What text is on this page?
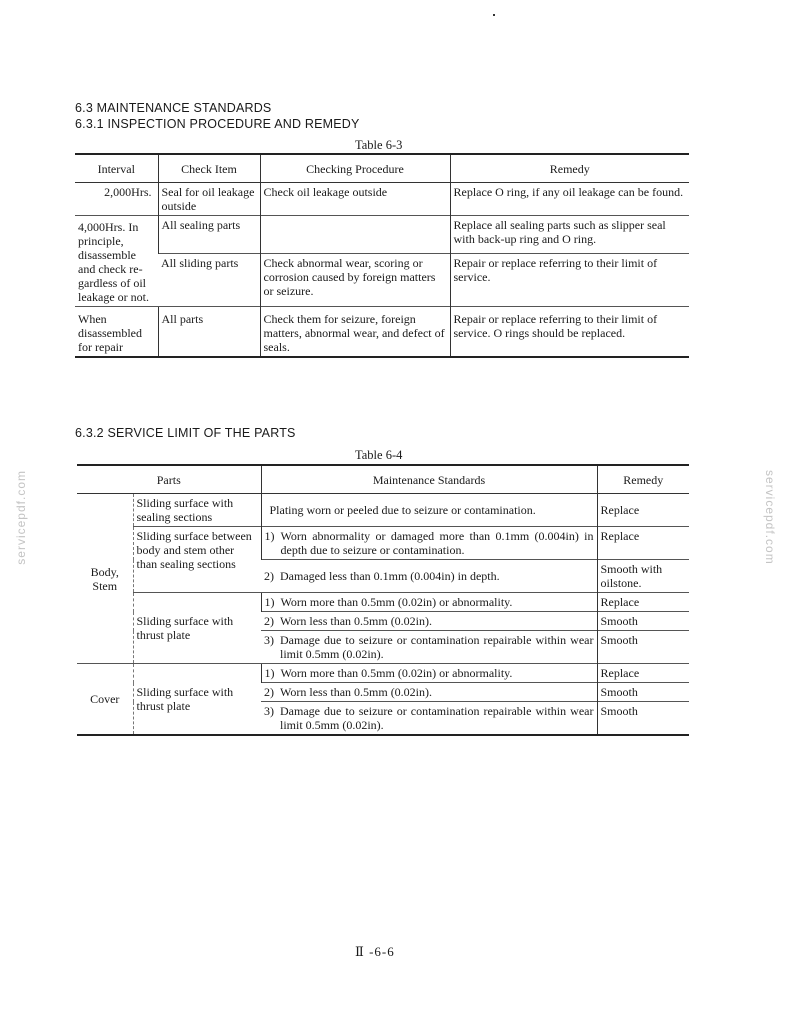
6.3 MAINTENANCE STANDARDS
6.3.1 INSPECTION PROCEDURE AND REMEDY
Table 6-3
Interval	Check Item	Checking Procedure	Remedy
2,000Hrs.	Seal for oil leakage outside	Check oil leakage outside	Replace O ring, if any oil leakage can be found.
4,000Hrs. In principle, disassemble and check re-gardless of oil leakage or not.	All sealing parts		Replace all sealing parts such as slipper seal with back-up ring and O ring.
	All sliding parts	Check abnormal wear, scoring or corrosion caused by foreign matters or seizure.	Repair or replace referring to their limit of service.
When disassembled for repair	All parts	Check them for seizure, foreign matters, abnormal wear, and defect of seals.	Repair or replace referring to their limit of service. O rings should be replaced.
6.3.2 SERVICE LIMIT OF THE PARTS
Table 6-4
Parts		Maintenance Standards	Remedy
Body, Stem	Sliding surface with sealing sections	Plating worn or peeled due to seizure or contamination.	Replace
	Sliding surface between body and stem other than sealing sections	1) Worn abnormality or damaged more than 0.1mm (0.004in) in depth due to seizure or contamination.	Replace

		2) Damaged less than 0.1mm (0.004in) in depth.	Smooth with oilstone.
	Sliding surface with thrust plate	1) Worn more than 0.5mm (0.02in) or abnormality.	Replace

		2) Worn less than 0.5mm (0.02in).	Smooth

		3) Damage due to seizure or contamination repairable within wear limit 0.5mm (0.02in).	Smooth
Cover	Sliding surface with thrust plate	1) Worn more than 0.5mm (0.02in) or abnormality.	Replace

		2) Worn less than 0.5mm (0.02in).	Smooth

		3) Damage due to seizure or contamination repairable within wear limit 0.5mm (0.02in).	Smooth
servicepdf.com	servicepdf.com
Ⅱ -6-6
